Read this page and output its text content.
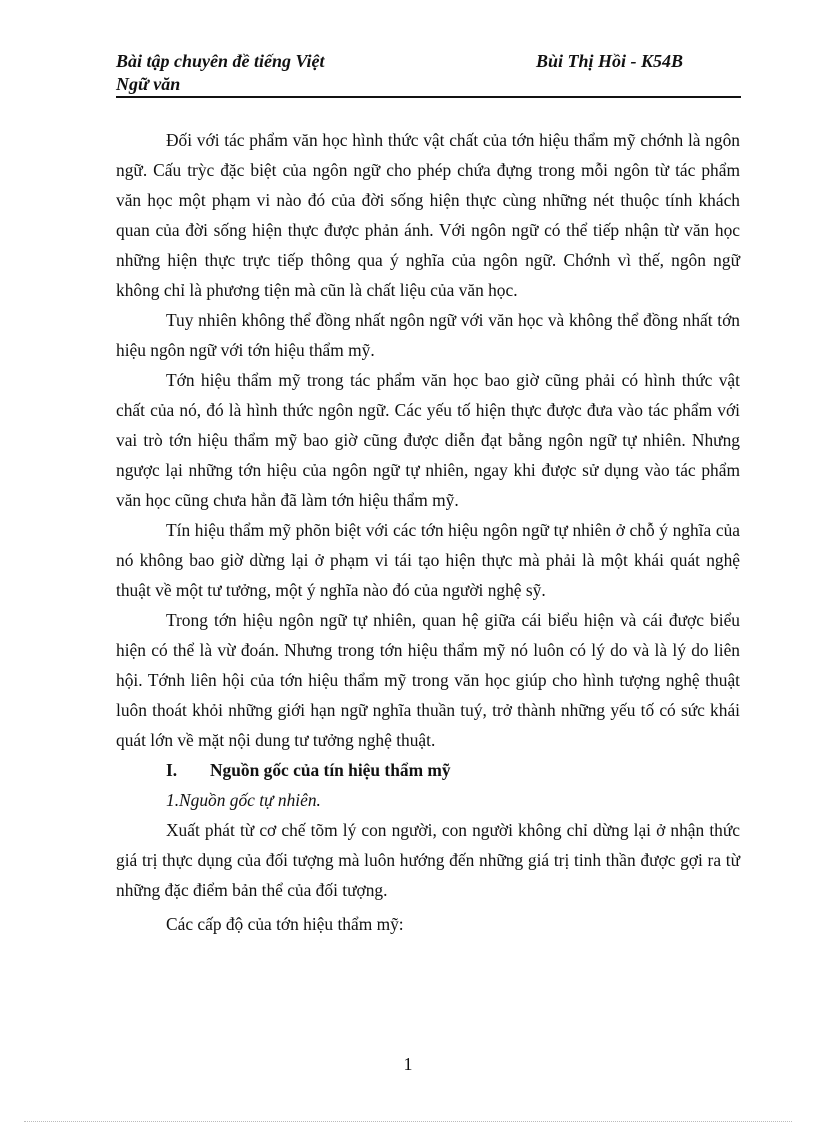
Bài tập chuyên đề tiếng Việt
Ngữ văn
Bùi Thị Hồi - K54B

Đối với tác phẩm văn học hình thức vật chất của tớn hiệu thẩm mỹ chớnh là ngôn ngữ. Cấu trỳc đặc biệt của ngôn ngữ cho phép chứa đựng trong mỗi ngôn từ tác phẩm văn học một phạm vi nào đó của đời sống hiện thực cùng những nét thuộc tính khách quan của đời sống hiện thực được phản ánh. Với ngôn ngữ có thể tiếp nhận từ văn học những hiện thực trực tiếp thông qua ý nghĩa của ngôn ngữ. Chớnh vì thế, ngôn ngữ không chỉ là phương tiện mà cũn là chất liệu của văn học.

Tuy nhiên không thể đồng nhất ngôn ngữ với văn học và không thể đồng nhất tớn hiệu ngôn ngữ với tớn hiệu thẩm mỹ.

Tớn hiệu thẩm mỹ trong tác phẩm văn học bao giờ cũng phải có hình thức vật chất của nó, đó là hình thức ngôn ngữ. Các yếu tố hiện thực được đưa vào tác phẩm với vai trò tớn hiệu thẩm mỹ bao giờ cũng được diễn đạt bằng ngôn ngữ tự nhiên. Nhưng ngược lại những tớn hiệu của ngôn ngữ tự nhiên, ngay khi được sử dụng vào tác phẩm văn học cũng chưa hẳn đã làm tớn hiệu thẩm mỹ.

Tín hiệu thẩm mỹ phõn biệt với các tớn hiệu ngôn ngữ tự nhiên ở chỗ ý nghĩa của nó không bao giờ dừng lại ở phạm vi tái tạo hiện thực mà phải là một khái quát nghệ thuật về một tư tưởng, một ý nghĩa nào đó của người nghệ sỹ.

Trong tớn hiệu ngôn ngữ tự nhiên, quan hệ giữa cái biểu hiện và cái được biểu hiện có thể là vừ đoán. Nhưng trong tớn hiệu thẩm mỹ nó luôn có lý do và là lý do liên hội. Tớnh liên hội của tớn hiệu thẩm mỹ trong văn học giúp cho hình tượng nghệ thuật luôn thoát khỏi những giới hạn ngữ nghĩa thuần tuý, trở thành những yếu tố có sức khái quát lớn về mặt nội dung tư tưởng nghệ thuật.

I.	Nguồn gốc của tín hiệu thẩm mỹ

1.Nguồn gốc tự nhiên.

Xuất phát từ cơ chế tõm lý con người, con người không chỉ dừng lại ở nhận thức giá trị thực dụng của đối tượng mà luôn hướng đến những giá trị tinh thần được gợi ra từ những đặc điểm bản thể của đối tượng.

Các cấp độ của tớn hiệu thẩm mỹ:

1
